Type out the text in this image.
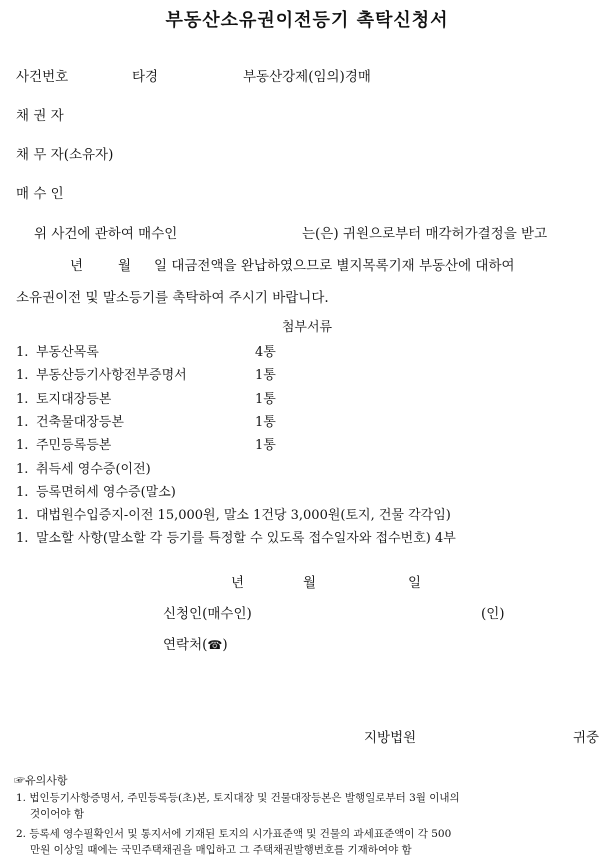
부동산소유권이전등기 촉탁신청서
사건번호	타경	부동산강제(임의)경매
채 권 자
채 무 자(소유자)
매 수 인
위 사건에 관하여 매수인	는(은) 귀원으로부터 매각허가결정을 받고
년	월 일 대금전액을 완납하였으므로 별지목록기재 부동산에 대하여
소유권이전 및 말소등기를 촉탁하여 주시기 바랍니다.
첨부서류
1. 부동산목록	4통
1. 부동산등기사항전부증명서	1통
1. 토지대장등본	1통
1. 건축물대장등본	1통
1. 주민등록등본	1통
1. 취득세 영수증(이전)
1. 등록면허세 영수증(말소)
1. 대법원수입증지-이전 15,000원, 말소 1건당 3,000원(토지, 건물 각각임)
1. 말소할 사항(말소할 각 등기를 특정할 수 있도록 접수일자와 접수번호) 4부
년	월	일
신청인(매수인)	(인)
연락처(☎)
지방법원	귀중
☞유의사항
1. 법인등기사항증명서, 주민등록등(초)본, 토지대장 및 건물대장등본은 발행일로부터 3월 이내의
것이어야 함
2. 등록세 영수필확인서 및 통지서에 기재된 토지의 시가표준액 및 건물의 과세표준액이 각 500
만원 이상일 때에는 국민주택채권을 매입하고 그 주택채권발행번호를 기재하여야 함
